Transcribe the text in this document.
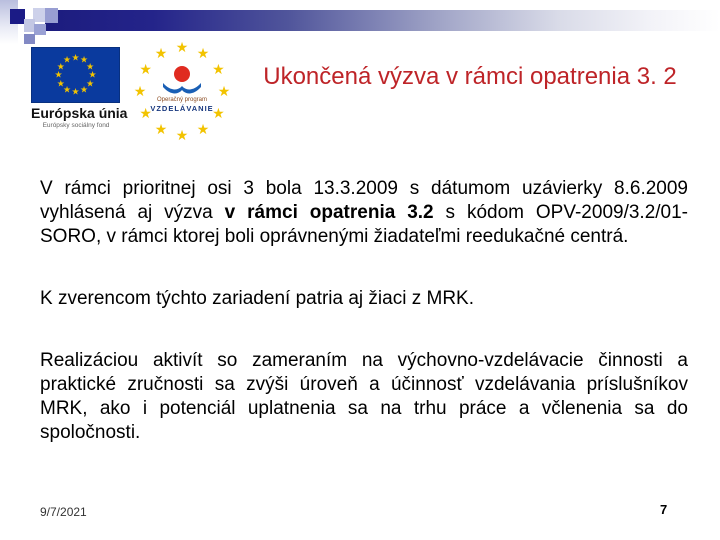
★ ★
★
★
★
★
★
★
★
★
★
★
Európska únia
Európsky sociálny fond
Operačný program
VZDELÁVANIE
★ ★
★
★
★
★
★
★
★
★
★
★
Ukončená výzva v rámci opatrenia 3. 2

V rámci prioritnej osi 3 bola 13.3.2009 s dátumom uzávierky 8.6.2009 vyhlásená aj výzva v rámci opatrenia 3.2 s kódom OPV-2009/3.2/01-SORO, v rámci ktorej boli oprávnenými žiadateľmi reedukačné centrá.

K zverencom týchto zariadení patria aj žiaci z MRK.

Realizáciou aktivít so zameraním na výchovno-vzdelávacie činnosti a praktické zručnosti sa zvýši úroveň a účinnosť vzdelávania príslušníkov MRK, ako i potenciál uplatnenia sa na trhu práce a včlenenia sa do spoločnosti.

9/7/2021	7
